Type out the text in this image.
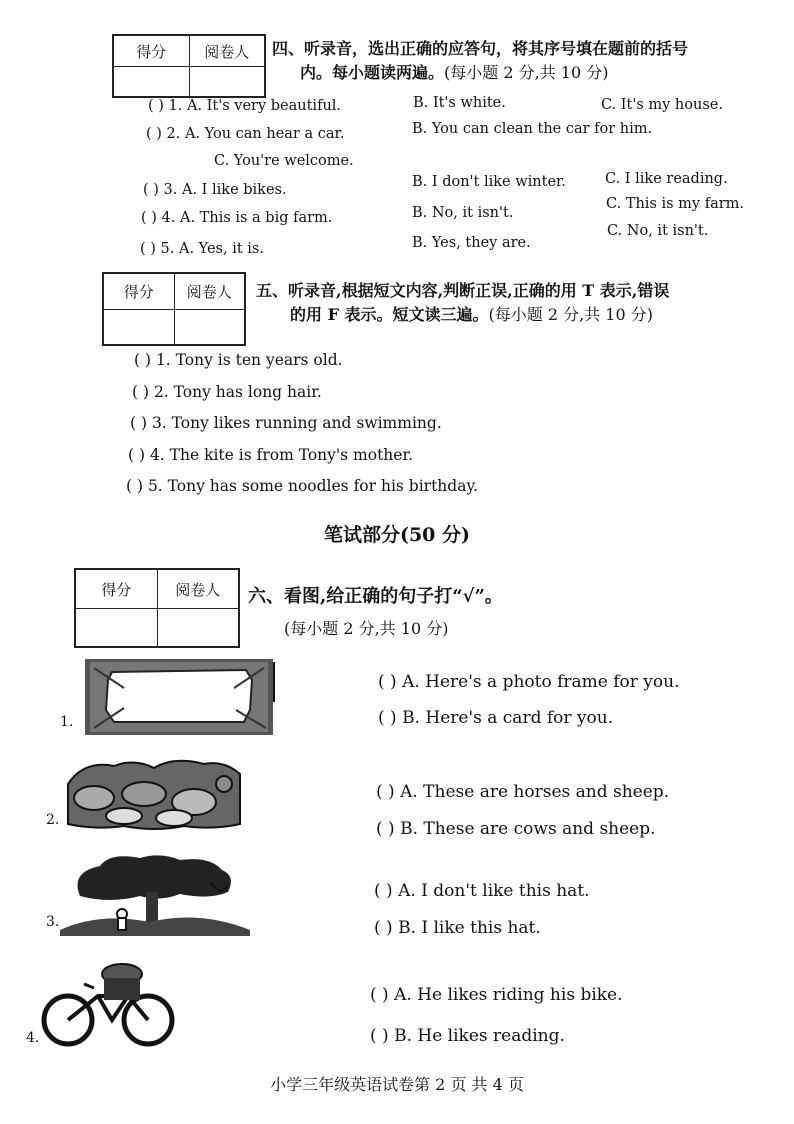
得分	阅卷人	四、听录音，选出正确的应答句，将其序号填在题前的括号
内。每小题读两遍。(每小题 2 分,共 10 分)
( ) 1. A. It's very beautiful.	B. It's white.	C. It's my house.
( ) 2. A. You can hear a car.	B. You can clean the car for him.
C. You're welcome.
( ) 3. A. I like bikes.	B. I don't like winter.	C. I like reading.
( ) 4. A. This is a big farm.	B. No, it isn't.
C. This is my farm.
( ) 5. A. Yes, it is.	B. Yes, they are.
C. No, it isn't.
得分	阅卷人	五、听录音,根据短文内容,判断正误,正确的用 T 表示,错误
的用 F 表示。短文读三遍。(每小题 2 分,共 10 分)
( ) 1. Tony is ten years old.
( ) 2. Tony has long hair.
( ) 3. Tony likes running and swimming.
( ) 4. The kite is from Tony's mother.
( ) 5. Tony has some noodles for his birthday.
笔试部分(50 分)
得分	阅卷人	六、看图,给正确的句子打“√”。
(每小题 2 分,共 10 分)
1.
( ) A. Here's a photo frame for you.
( ) B. Here's a card for you.
2.
( ) A. These are horses and sheep.
( ) B. These are cows and sheep.
3.
( ) A. I don't like this hat.
( ) B. I like this hat.
4.
( ) A. He likes riding his bike.
( ) B. He likes reading.
小学三年级英语试卷第 2 页 共 4 页
